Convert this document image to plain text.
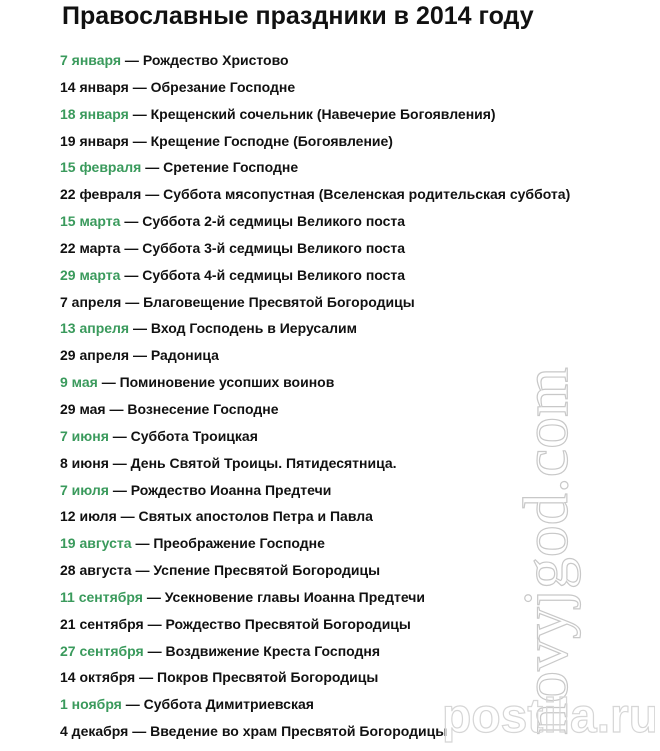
Православные праздники в 2014 году
7 января — Рождество Христово
14 января — Обрезание Господне
18 января — Крещенский сочельник (Навечерие Богоявления)
19 января — Крещение Господне (Богоявление)
15 февраля — Сретение Господне
22 февраля — Суббота мясопустная (Вселенская родительская суббота)
15 марта — Суббота 2-й седмицы Великого поста
22 марта — Суббота 3-й седмицы Великого поста
29 марта — Суббота 4-й седмицы Великого поста
7 апреля — Благовещение Пресвятой Богородицы
13 апреля — Вход Господень в Иерусалим
29 апреля — Радоница
9 мая — Поминовение усопших воинов
29 мая — Вознесение Господне
7 июня — Суббота Троицкая
8 июня — День Святой Троицы. Пятидесятница.
7 июля — Рождество Иоанна Предтечи
12 июля — Святых апостолов Петра и Павла
19 августа — Преображение Господне
28 августа — Успение Пресвятой Богородицы
11 сентября — Усекновение главы Иоанна Предтечи
21 сентября — Рождество Пресвятой Богородицы
27 сентября — Воздвижение Креста Господня
14 октября — Покров Пресвятой Богородицы
1 ноября — Суббота Димитриевская
4 декабря — Введение во храм Пресвятой Богородицы novyjgod.com
postila.ru
